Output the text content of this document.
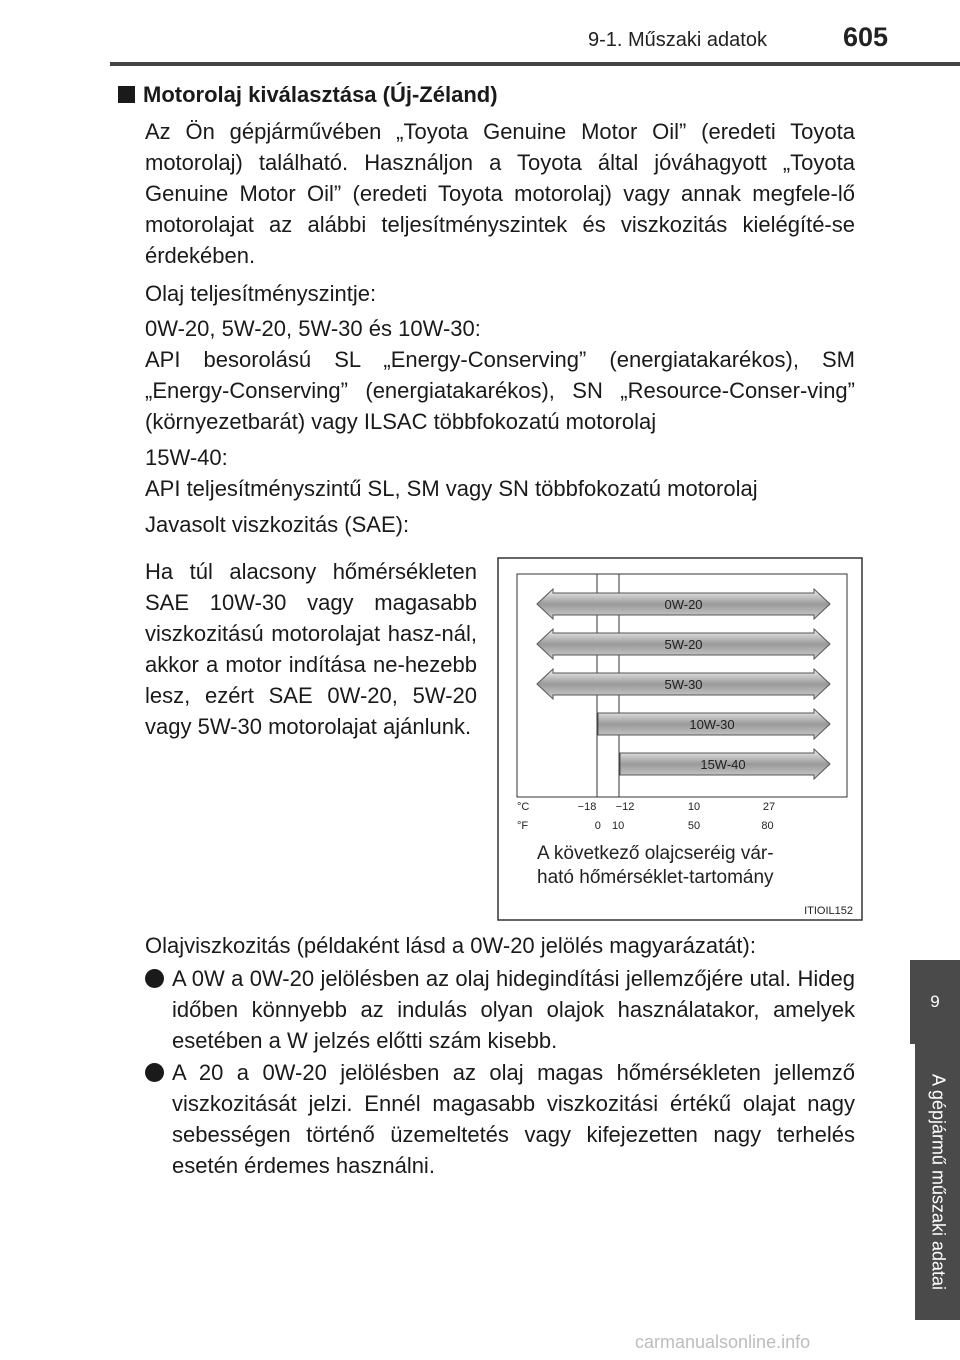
9-1. Műszaki adatok	605
9
A gépjármű műszaki adatai
Motorolaj kiválasztása (Új-Zéland)

Az Ön gépjárművében „Toyota Genuine Motor Oil” (eredeti Toyota motorolaj) található. Használjon a Toyota által jóváhagyott „Toyota Genuine Motor Oil” (eredeti Toyota motorolaj) vagy annak megfele-lő motorolajat az alábbi teljesítményszintek és viszkozitás kielégíté-se érdekében.

Olaj teljesítményszintje:

0W-20, 5W-20, 5W-30 és 10W-30:

API besorolású SL „Energy-Conserving” (energiatakarékos), SM „Energy-Conserving” (energiatakarékos), SN „Resource-Conser-ving” (környezetbarát) vagy ILSAC többfokozatú motorolaj

15W-40:

API teljesítményszintű SL, SM vagy SN többfokozatú motorolaj

Javasolt viszkozitás (SAE):

Ha túl alacsony hőmérsékleten SAE 10W-30 vagy magasabb viszkozitású motorolajat hasz-nál, akkor a motor indítása ne-hezebb lesz, ezért SAE 0W-20, 5W-20 vagy 5W-30 motorolajat ajánlunk.

0W-20
5W-20
5W-30
10W-30
15W-40
−18 −12	10	27
0 10	50	80
°C
°F
A következő olajcseréig vár-
ható hőmérséklet-tartomány
ITIOIL152

Olajviszkozitás (példaként lásd a 0W-20 jelölés magyarázatát):

A 0W a 0W-20 jelölésben az olaj hidegindítási jellemzőjére utal. Hideg időben könnyebb az indulás olyan olajok használatakor, amelyek esetében a W jelzés előtti szám kisebb.
A 20 a 0W-20 jelölésben az olaj magas hőmérsékleten jellemző viszkozitását jelzi. Ennél magasabb viszkozitási értékű olajat nagy sebességen történő üzemeltetés vagy kifejezetten nagy terhelés esetén érdemes használni.
carmanualsonline.info
